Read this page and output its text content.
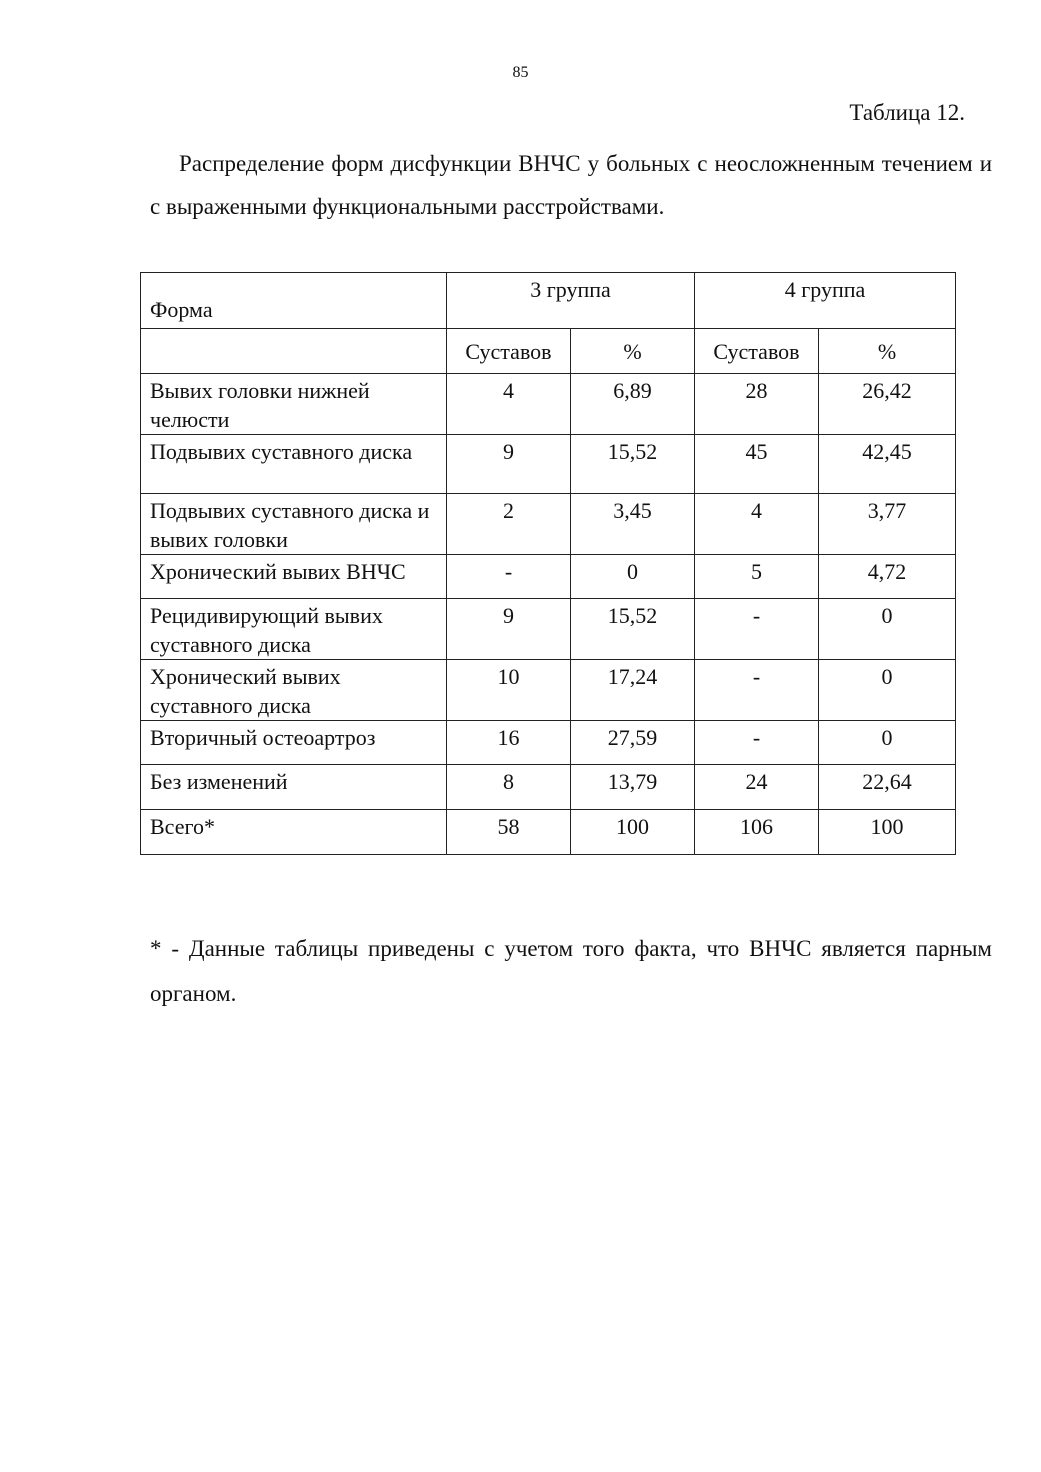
85
Таблица 12.
Распределение форм дисфункции ВНЧС у больных с неосложненным течением и с выраженными функциональными расстройствами.
Форма	3 группа		4 группа	
	Суставов	%	Суставов	%
Вывих головки нижней челюсти	4	6,89	28	26,42
Подвывих суставного диска	9	15,52	45	42,45
Подвывих суставного диска и вывих головки	2	3,45	4	3,77
Хронический вывих ВНЧС	-	0	5	4,72
Рецидивирующий вывих суставного диска	9	15,52	-	0
Хронический вывих суставного диска	10	17,24	-	0
Вторичный остеоартроз	16	27,59	-	0
Без изменений	8	13,79	24	22,64
Всего*	58	100	106	100
* - Данные таблицы приведены с учетом того факта, что ВНЧС является парным органом.
